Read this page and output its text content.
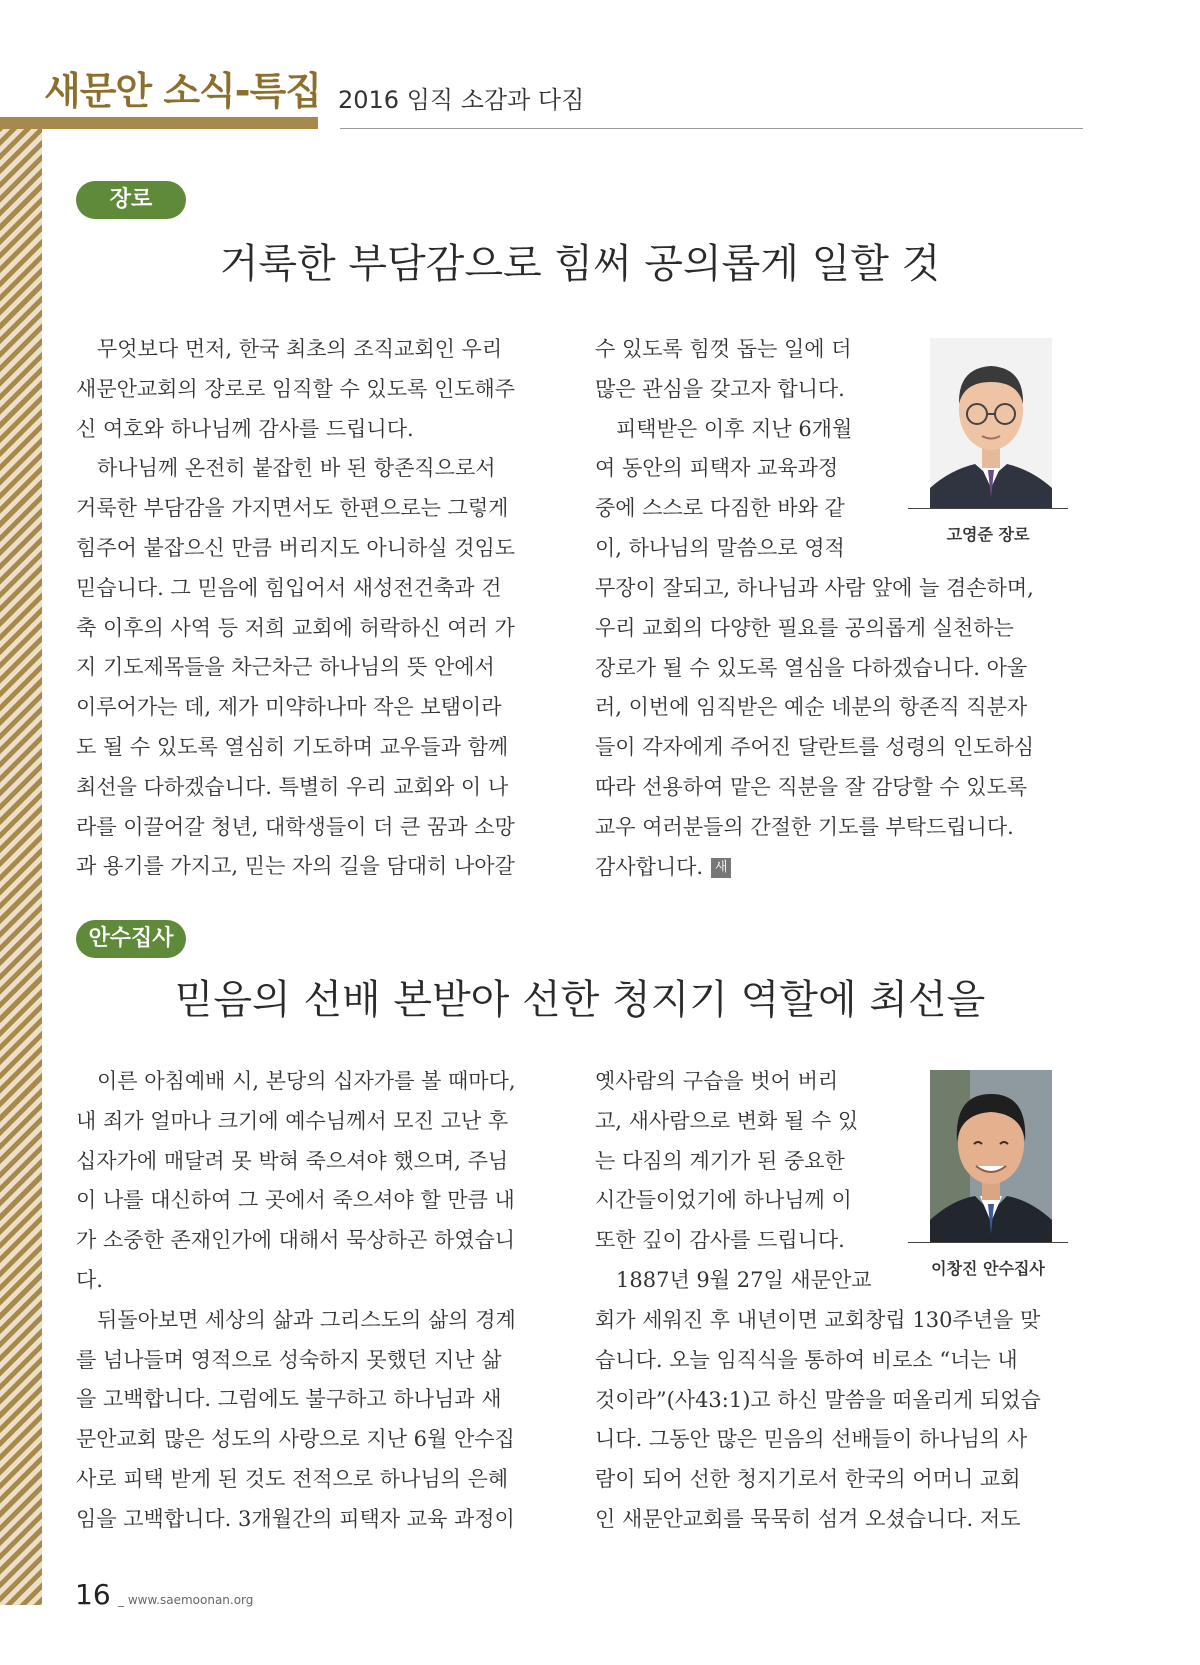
새문안 소식-특집 2016 임직 소감과 다짐

장로
거룩한 부담감으로 힘써 공의롭게 일할 것

　무엇보다 먼저, 한국 최초의 조직교회인 우리
새문안교회의 장로로 임직할 수 있도록 인도해주
신 여호와 하나님께 감사를 드립니다.
　하나님께 온전히 붙잡힌 바 된 항존직으로서
거룩한 부담감을 가지면서도 한편으로는 그렇게
힘주어 붙잡으신 만큼 버리지도 아니하실 것임도
믿습니다. 그 믿음에 힘입어서 새성전건축과 건
축 이후의 사역 등 저희 교회에 허락하신 여러 가
지 기도제목들을 차근차근 하나님의 뜻 안에서
이루어가는 데, 제가 미약하나마 작은 보탬이라
도 될 수 있도록 열심히 기도하며 교우들과 함께
최선을 다하겠습니다. 특별히 우리 교회와 이 나
라를 이끌어갈 청년, 대학생들이 더 큰 꿈과 소망
과 용기를 가지고, 믿는 자의 길을 담대히 나아갈

수 있도록 힘껏 돕는 일에 더
많은 관심을 갖고자 합니다.
　피택받은 이후 지난 6개월
여 동안의 피택자 교육과정
중에 스스로 다짐한 바와 같
이, 하나님의 말씀으로 영적

무장이 잘되고, 하나님과 사람 앞에 늘 겸손하며,
우리 교회의 다양한 필요를 공의롭게 실천하는
장로가 될 수 있도록 열심을 다하겠습니다. 아울
러, 이번에 임직받은 예순 네분의 항존직 직분자
들이 각자에게 주어진 달란트를 성령의 인도하심
따라 선용하여 맡은 직분을 잘 감당할 수 있도록
교우 여러분들의 간절한 기도를 부탁드립니다.
감사합니다. 새

고영준 장로

안수집사
믿음의 선배 본받아 선한 청지기 역할에 최선을

　이른 아침예배 시, 본당의 십자가를 볼 때마다,
내 죄가 얼마나 크기에 예수님께서 모진 고난 후
십자가에 매달려 못 박혀 죽으셔야 했으며, 주님
이 나를 대신하여 그 곳에서 죽으셔야 할 만큼 내
가 소중한 존재인가에 대해서 묵상하곤 하였습니
다.
　뒤돌아보면 세상의 삶과 그리스도의 삶의 경계
를 넘나들며 영적으로 성숙하지 못했던 지난 삶
을 고백합니다. 그럼에도 불구하고 하나님과 새
문안교회 많은 성도의 사랑으로 지난 6월 안수집
사로 피택 받게 된 것도 전적으로 하나님의 은혜
임을 고백합니다. 3개월간의 피택자 교육 과정이

옛사람의 구습을 벗어 버리
고, 새사람으로 변화 될 수 있
는 다짐의 계기가 된 중요한
시간들이었기에 하나님께 이
또한 깊이 감사를 드립니다.
　1887년 9월 27일 새문안교

회가 세워진 후 내년이면 교회창립 130주년을 맞
습니다. 오늘 임직식을 통하여 비로소 “너는 내
것이라”(사43:1)고 하신 말씀을 떠올리게 되었습
니다. 그동안 많은 믿음의 선배들이 하나님의 사
람이 되어 선한 청지기로서 한국의 어머니 교회
인 새문안교회를 묵묵히 섬겨 오셨습니다. 저도

이창진 안수집사

16 _ www.saemoonan.org
